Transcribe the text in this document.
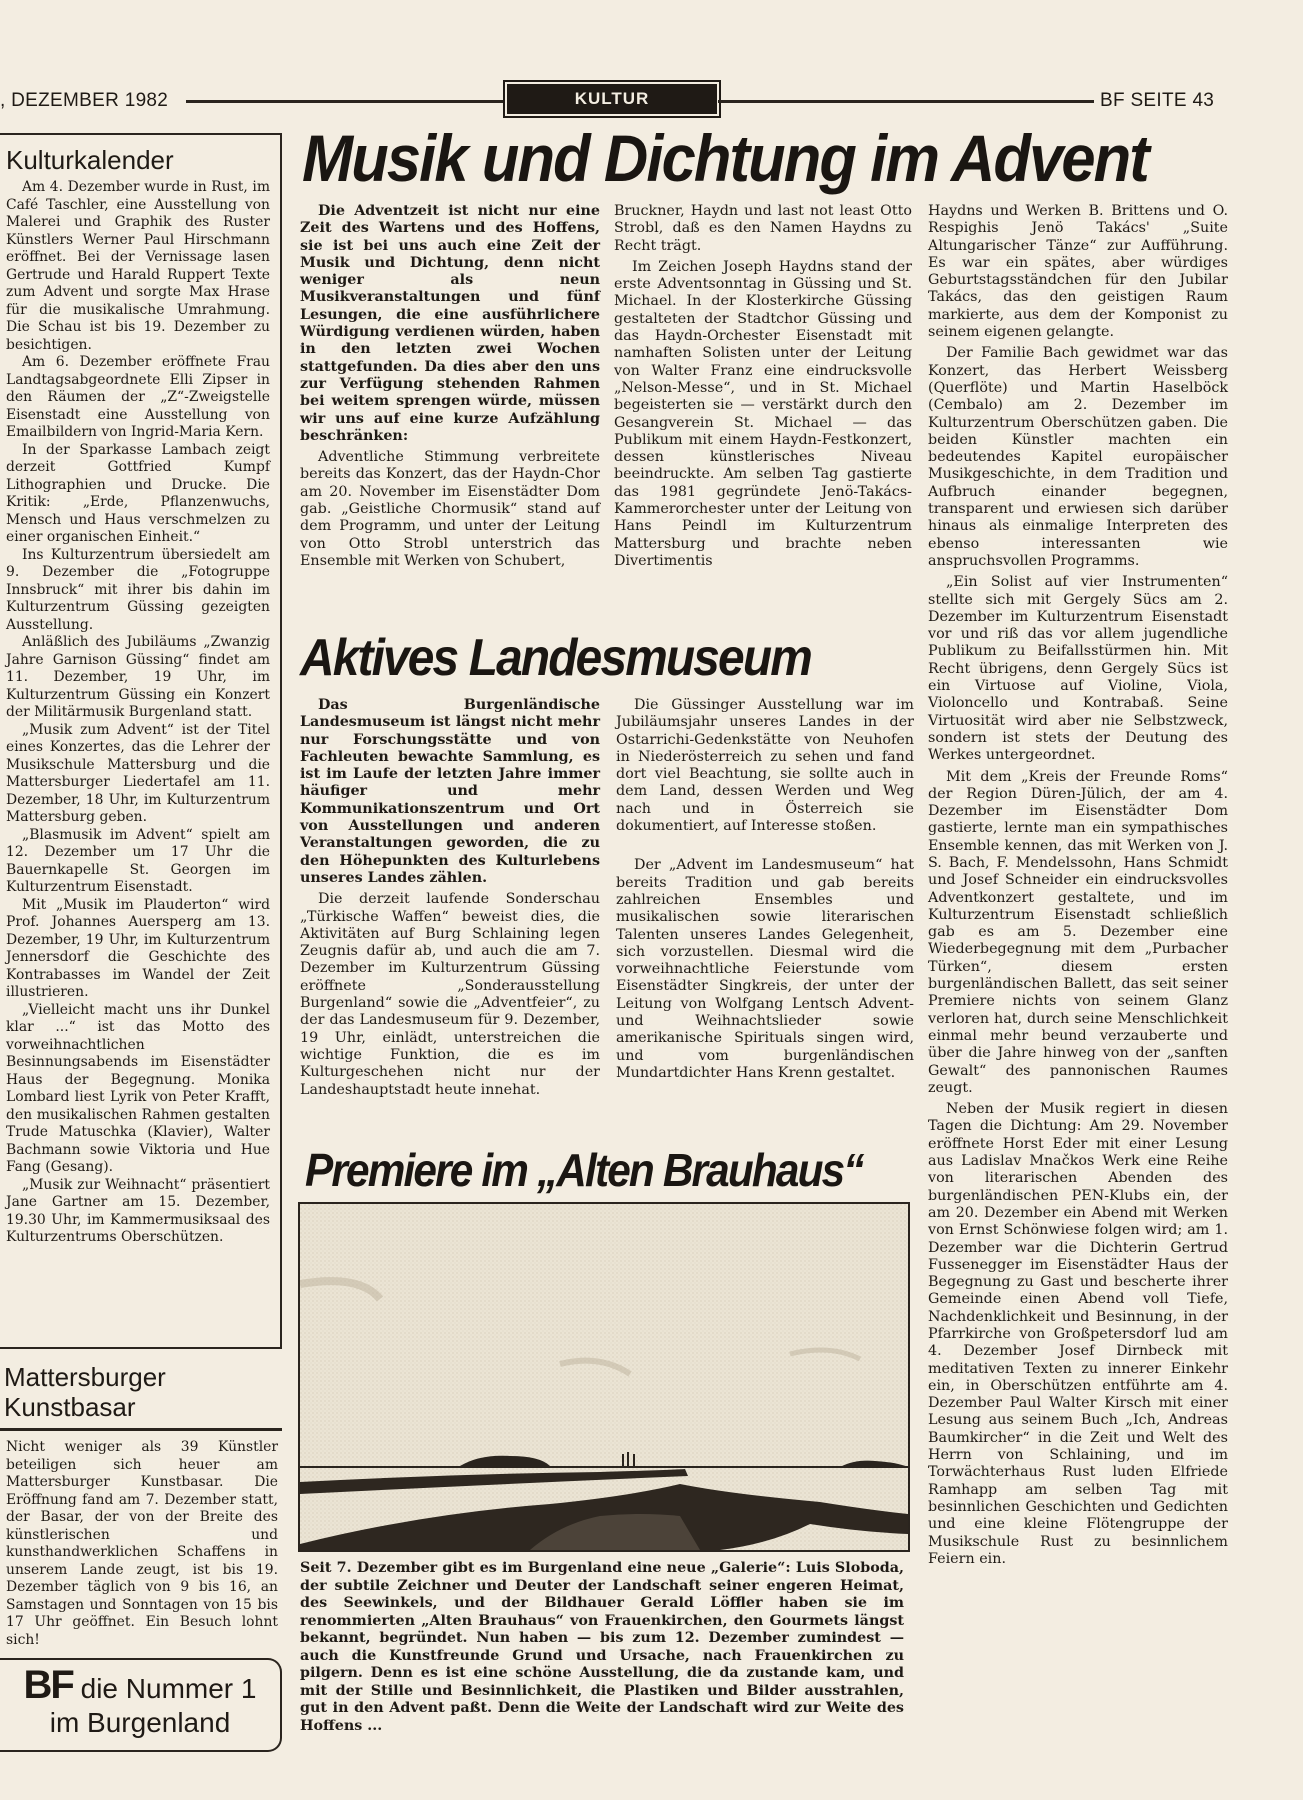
, DEZEMBER 1982	KULTUR	BF SEITE 43
Kulturkalender

Am 4. Dezember wurde in Rust, im Café Taschler, eine Ausstellung von Malerei und Graphik des Ruster Künstlers Werner Paul Hirschmann eröffnet. Bei der Vernissage lasen Gertrude und Harald Ruppert Texte zum Advent und sorgte Max Hrase für die musikalische Umrahmung. Die Schau ist bis 19. Dezember zu besichtigen.

Am 6. Dezember eröffnete Frau Landtagsabgeordnete Elli Zipser in den Räumen der „Z“-Zweigstelle Eisenstadt eine Ausstellung von Emailbildern von Ingrid-Maria Kern.

In der Sparkasse Lambach zeigt derzeit Gottfried Kumpf Lithographien und Drucke. Die Kritik: „Erde, Pflanzenwuchs, Mensch und Haus verschmelzen zu einer organischen Einheit.“

Ins Kulturzentrum übersiedelt am 9. Dezember die „Fotogruppe Innsbruck“ mit ihrer bis dahin im Kulturzentrum Güssing gezeigten Ausstellung.

Anläßlich des Jubiläums „Zwanzig Jahre Garnison Güssing“ findet am 11. Dezember, 19 Uhr, im Kulturzentrum Güssing ein Konzert der Militärmusik Burgenland statt.

„Musik zum Advent“ ist der Titel eines Konzertes, das die Lehrer der Musikschule Mattersburg und die Mattersburger Liedertafel am 11. Dezember, 18 Uhr, im Kulturzentrum Mattersburg geben.

„Blasmusik im Advent“ spielt am 12. Dezember um 17 Uhr die Bauernkapelle St. Georgen im Kulturzentrum Eisenstadt.

Mit „Musik im Plauderton“ wird Prof. Johannes Auersperg am 13. Dezember, 19 Uhr, im Kulturzentrum Jennersdorf die Geschichte des Kontrabasses im Wandel der Zeit illustrieren.

„Vielleicht macht uns ihr Dunkel klar ...“ ist das Motto des vorweihnachtlichen Besinnungsabends im Eisenstädter Haus der Begegnung. Monika Lombard liest Lyrik von Peter Krafft, den musikalischen Rahmen gestalten Trude Matuschka (Klavier), Walter Bachmann sowie Viktoria und Hue Fang (Gesang).

„Musik zur Weihnacht“ präsentiert Jane Gartner am 15. Dezember, 19.30 Uhr, im Kammermusiksaal des Kulturzentrums Oberschützen.

Mattersburger
Kunstbasar

Nicht weniger als 39 Künstler beteiligen sich heuer am Mattersburger Kunstbasar. Die Eröffnung fand am 7. Dezember statt, der Basar, der von der Breite des künstlerischen und kunsthandwerklichen Schaffens in unserem Lande zeugt, ist bis 19. Dezember täglich von 9 bis 16, an Samstagen und Sonntagen von 15 bis 17 Uhr geöffnet. Ein Besuch lohnt sich!

BF die Nummer 1
im Burgenland
Musik und Dichtung im Advent

Die Adventzeit ist nicht nur eine Zeit des Wartens und des Hoffens, sie ist bei uns auch eine Zeit der Musik und Dichtung, denn nicht weniger als neun Musikveranstaltungen und fünf Lesungen, die eine ausführlichere Würdigung verdienen würden, haben in den letzten zwei Wochen stattgefunden. Da dies aber den uns zur Verfügung stehenden Rahmen bei weitem sprengen würde, müssen wir uns auf eine kurze Aufzählung beschränken:

Adventliche Stimmung verbreitete bereits das Konzert, das der Haydn-Chor am 20. November im Eisenstädter Dom gab. „Geistliche Chormusik“ stand auf dem Programm, und unter der Leitung von Otto Strobl unterstrich das Ensemble mit Werken von Schubert,

Bruckner, Haydn und last not least Otto Strobl, daß es den Namen Haydns zu Recht trägt.

Im Zeichen Joseph Haydns stand der erste Adventsonntag in Güssing und St. Michael. In der Klosterkirche Güssing gestalteten der Stadtchor Güssing und das Haydn-Orchester Eisenstadt mit namhaften Solisten unter der Leitung von Walter Franz eine eindrucksvolle „Nelson-Messe“, und in St. Michael begeisterten sie — verstärkt durch den Gesangverein St. Michael — das Publikum mit einem Haydn-Festkonzert, dessen künstlerisches Niveau beeindruckte. Am selben Tag gastierte das 1981 gegründete Jenö-Takács-Kammerorchester unter der Leitung von Hans Peindl im Kulturzentrum Mattersburg und brachte neben Divertimentis

Haydns und Werken B. Brittens und O. Respighis Jenö Takács' „Suite Altungarischer Tänze“ zur Aufführung. Es war ein spätes, aber würdiges Geburtstagsständchen für den Jubilar Takács, das den geistigen Raum markierte, aus dem der Komponist zu seinem eigenen gelangte.

Der Familie Bach gewidmet war das Konzert, das Herbert Weissberg (Querflöte) und Martin Haselböck (Cembalo) am 2. Dezember im Kulturzentrum Oberschützen gaben. Die beiden Künstler machten ein bedeutendes Kapitel europäischer Musikgeschichte, in dem Tradition und Aufbruch einander begegnen, transparent und erwiesen sich darüber hinaus als einmalige Interpreten des ebenso interessanten wie anspruchsvollen Programms.

„Ein Solist auf vier Instrumenten“ stellte sich mit Gergely Sücs am 2. Dezember im Kulturzentrum Eisenstadt vor und riß das vor allem jugendliche Publikum zu Beifallsstürmen hin. Mit Recht übrigens, denn Gergely Sücs ist ein Virtuose auf Violine, Viola, Violoncello und Kontrabaß. Seine Virtuosität wird aber nie Selbstzweck, sondern ist stets der Deutung des Werkes untergeordnet.

Mit dem „Kreis der Freunde Roms“ der Region Düren-Jülich, der am 4. Dezember im Eisenstädter Dom gastierte, lernte man ein sympathisches Ensemble kennen, das mit Werken von J. S. Bach, F. Mendelssohn, Hans Schmidt und Josef Schneider ein eindrucksvolles Adventkonzert gestaltete, und im Kulturzentrum Eisenstadt schließlich gab es am 5. Dezember eine Wiederbegegnung mit dem „Purbacher Türken“, diesem ersten burgenländischen Ballett, das seit seiner Premiere nichts von seinem Glanz verloren hat, durch seine Menschlichkeit einmal mehr beund verzauberte und über die Jahre hinweg von der „sanften Gewalt“ des pannonischen Raumes zeugt.

Neben der Musik regiert in diesen Tagen die Dichtung: Am 29. November eröffnete Horst Eder mit einer Lesung aus Ladislav Mnačkos Werk eine Reihe von literarischen Abenden des burgenländischen PEN-Klubs ein, der am 20. Dezember ein Abend mit Werken von Ernst Schönwiese folgen wird; am 1. Dezember war die Dichterin Gertrud Fussenegger im Eisenstädter Haus der Begegnung zu Gast und bescherte ihrer Gemeinde einen Abend voll Tiefe, Nachdenklichkeit und Besinnung, in der Pfarrkirche von Großpetersdorf lud am 4. Dezember Josef Dirnbeck mit meditativen Texten zu innerer Einkehr ein, in Oberschützen entführte am 4. Dezember Paul Walter Kirsch mit einer Lesung aus seinem Buch „Ich, Andreas Baumkircher“ in die Zeit und Welt des Herrn von Schlaining, und im Torwächterhaus Rust luden Elfriede Ramhapp am selben Tag mit besinnlichen Geschichten und Gedichten und eine kleine Flötengruppe der Musikschule Rust zu besinnlichem Feiern ein.

Aktives Landesmuseum

Das Burgenländische Landesmuseum ist längst nicht mehr nur Forschungsstätte und von Fachleuten bewachte Sammlung, es ist im Laufe der letzten Jahre immer häufiger und mehr Kommunikationszentrum und Ort von Ausstellungen und anderen Veranstaltungen geworden, die zu den Höhepunkten des Kulturlebens unseres Landes zählen.

Die derzeit laufende Sonderschau „Türkische Waffen“ beweist dies, die Aktivitäten auf Burg Schlaining legen Zeugnis dafür ab, und auch die am 7. Dezember im Kulturzentrum Güssing eröffnete „Sonderausstellung Burgenland“ sowie die „Adventfeier“, zu der das Landesmuseum für 9. Dezember, 19 Uhr, einlädt, unterstreichen die wichtige Funktion, die es im Kulturgeschehen nicht nur der Landeshauptstadt heute innehat.

Die Güssinger Ausstellung war im Jubiläumsjahr unseres Landes in der Ostarrichi-Gedenkstätte von Neuhofen in Niederösterreich zu sehen und fand dort viel Beachtung, sie sollte auch in dem Land, dessen Werden und Weg nach und in Österreich sie dokumentiert, auf Interesse stoßen.

Der „Advent im Landesmuseum“ hat bereits Tradition und gab bereits zahlreichen Ensembles und musikalischen sowie literarischen Talenten unseres Landes Gelegenheit, sich vorzustellen. Diesmal wird die vorweihnachtliche Feierstunde vom Eisenstädter Singkreis, der unter der Leitung von Wolfgang Lentsch Advent- und Weihnachtslieder sowie amerikanische Spirituals singen wird, und vom burgenländischen Mundartdichter Hans Krenn gestaltet.

Premiere im „Alten Brauhaus“
Seit 7. Dezember gibt es im Burgenland eine neue „Galerie“: Luis Sloboda, der subtile Zeichner und Deuter der Landschaft seiner engeren Heimat, des Seewinkels, und der Bildhauer Gerald Löffler haben sie im renommierten „Alten Brauhaus“ von Frauenkirchen, den Gourmets längst bekannt, begründet. Nun haben — bis zum 12. Dezember zumindest — auch die Kunstfreunde Grund und Ursache, nach Frauenkirchen zu pilgern. Denn es ist eine schöne Ausstellung, die da zustande kam, und mit der Stille und Besinnlichkeit, die Plastiken und Bilder ausstrahlen, gut in den Advent paßt. Denn die Weite der Landschaft wird zur Weite des Hoffens ...
